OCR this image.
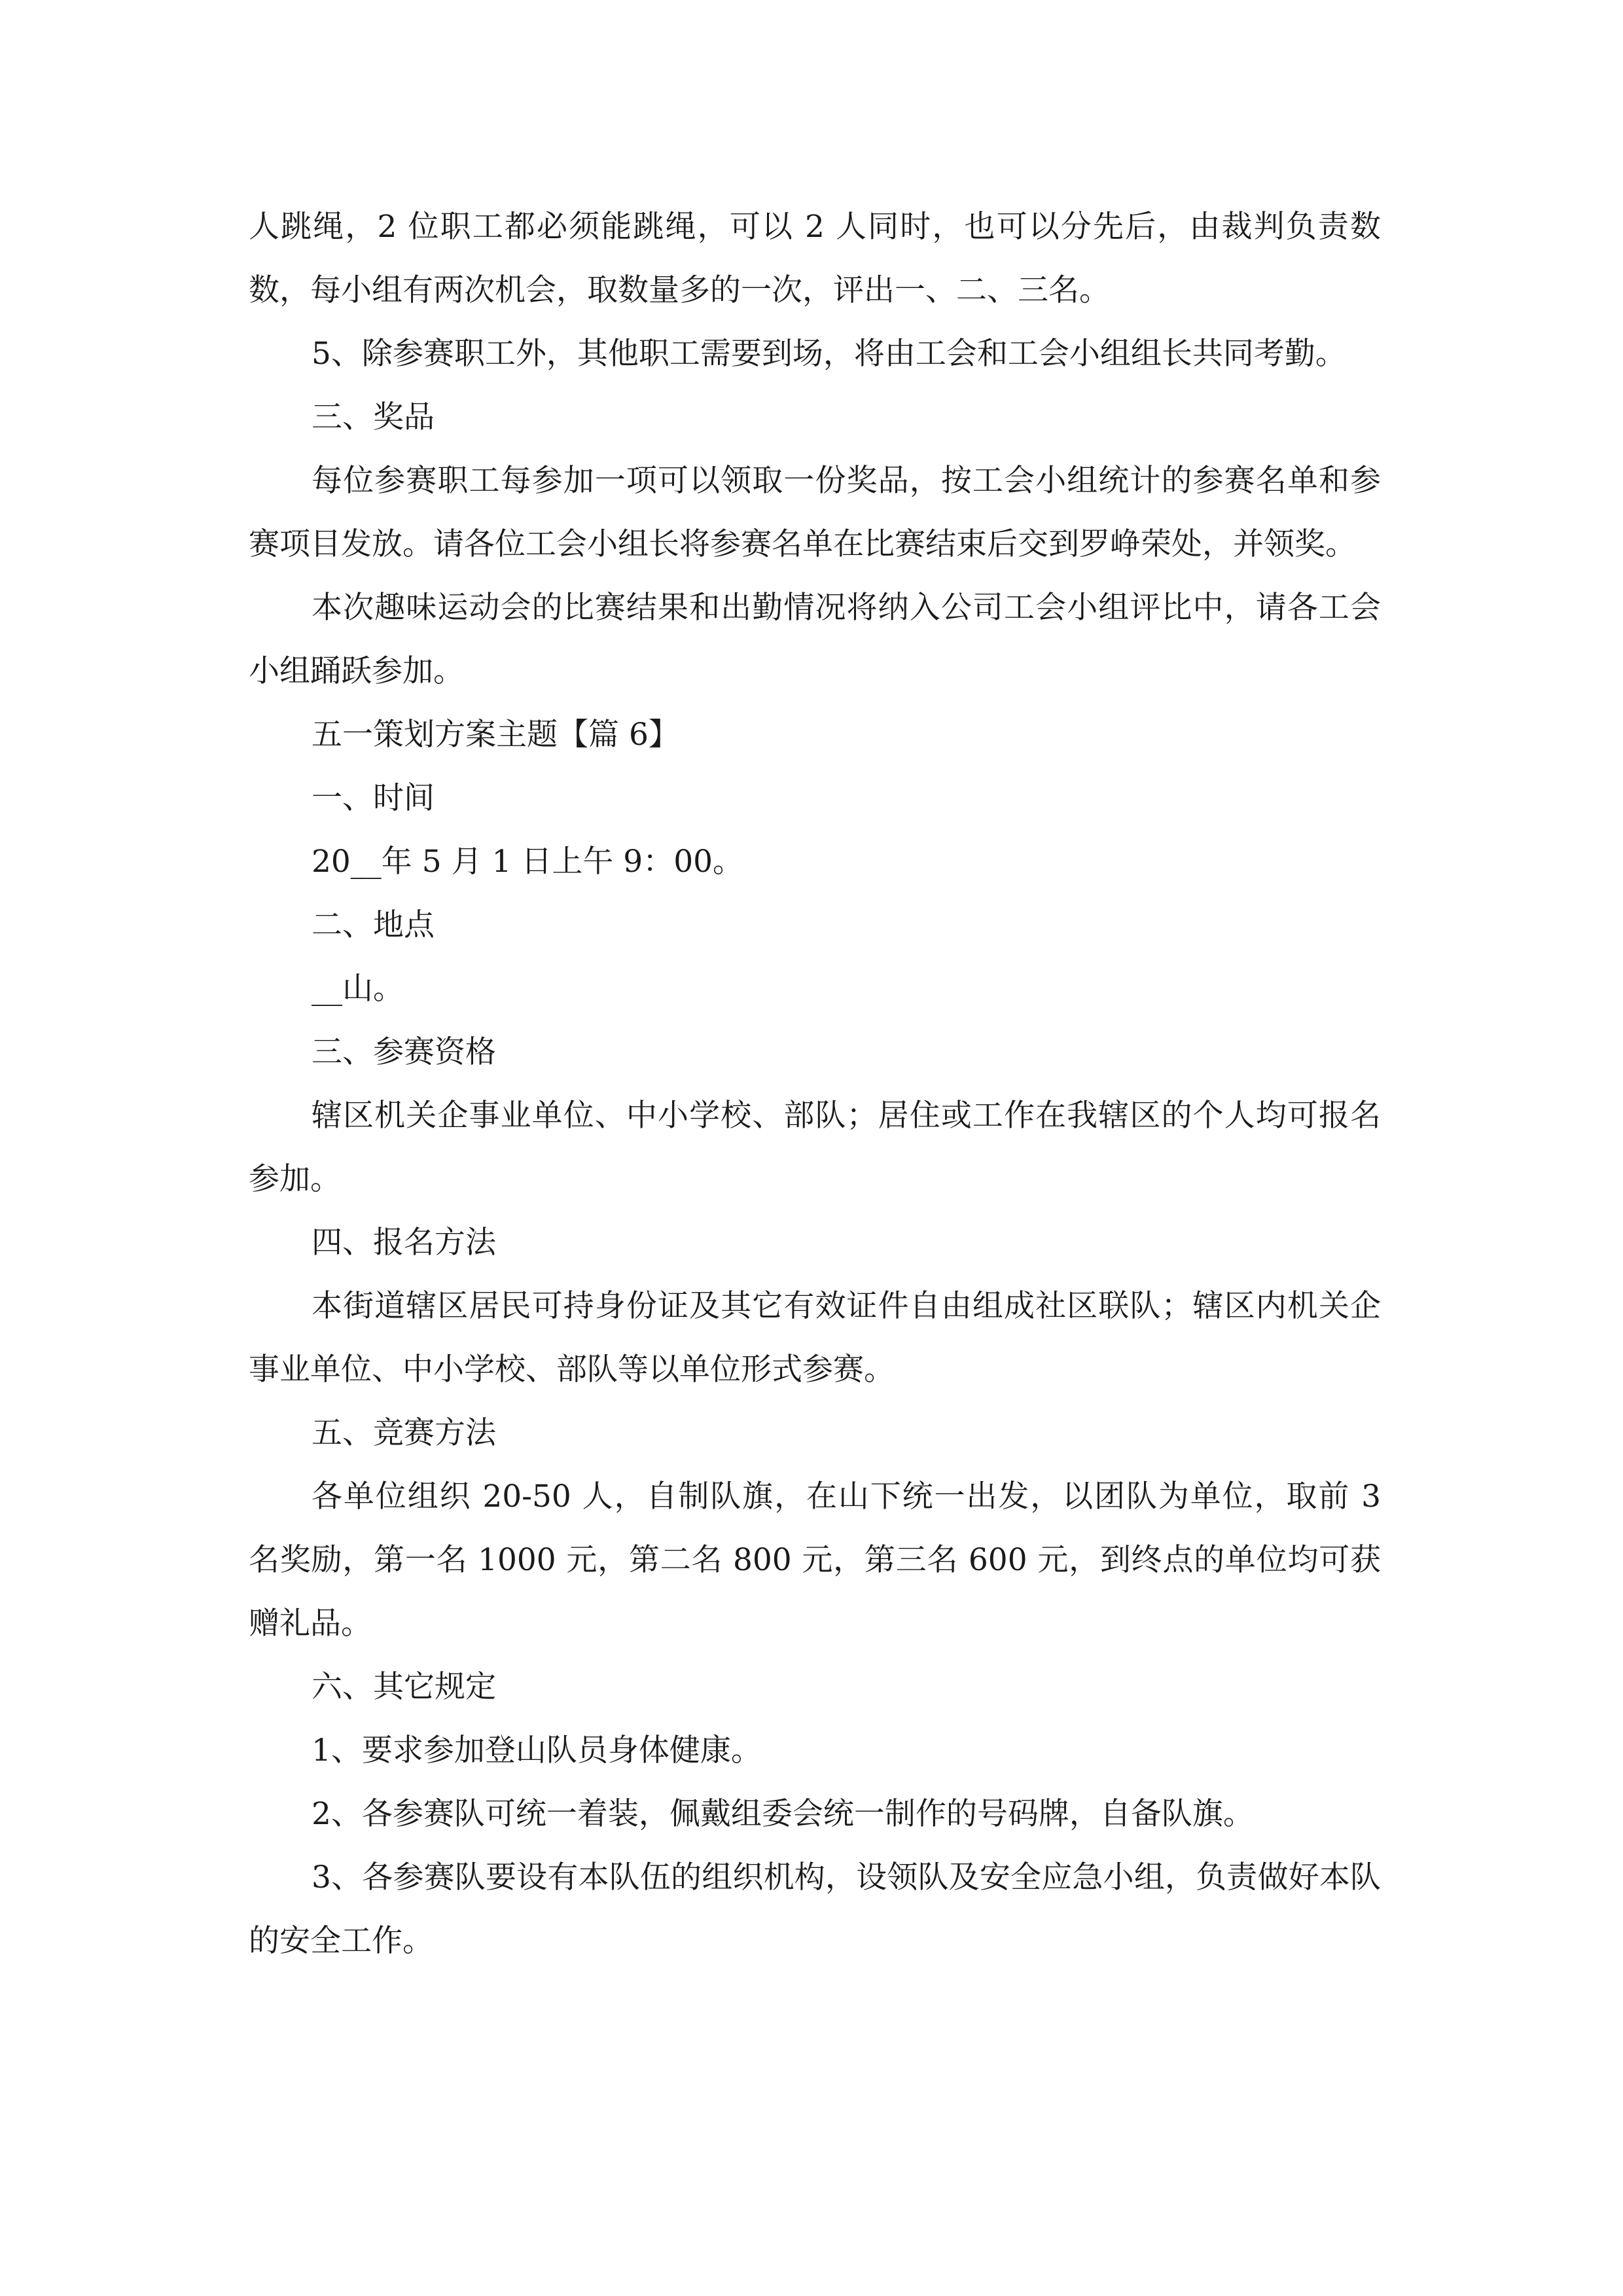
人跳绳，2 位职工都必须能跳绳，可以 2 人同时，也可以分先后，由裁判负责数数，每小组有两次机会，取数量多的一次，评出一、二、三名。

5、除参赛职工外，其他职工需要到场，将由工会和工会小组组长共同考勤。

三、奖品

每位参赛职工每参加一项可以领取一份奖品，按工会小组统计的参赛名单和参赛项目发放。请各位工会小组长将参赛名单在比赛结束后交到罗峥荣处，并领奖。

本次趣味运动会的比赛结果和出勤情况将纳入公司工会小组评比中，请各工会小组踊跃参加。

五一策划方案主题【篇 6】

一、时间

20__年 5 月 1 日上午 9：00。

二、地点

__山。

三、参赛资格

辖区机关企事业单位、中小学校、部队；居住或工作在我辖区的个人均可报名参加。

四、报名方法

本街道辖区居民可持身份证及其它有效证件自由组成社区联队；辖区内机关企事业单位、中小学校、部队等以单位形式参赛。

五、竞赛方法

各单位组织 20-50 人，自制队旗，在山下统一出发，以团队为单位，取前 3 名奖励，第一名 1000 元，第二名 800 元，第三名 600 元，到终点的单位均可获赠礼品。

六、其它规定

1、要求参加登山队员身体健康。

2、各参赛队可统一着装，佩戴组委会统一制作的号码牌，自备队旗。

3、各参赛队要设有本队伍的组织机构，设领队及安全应急小组，负责做好本队的安全工作。
